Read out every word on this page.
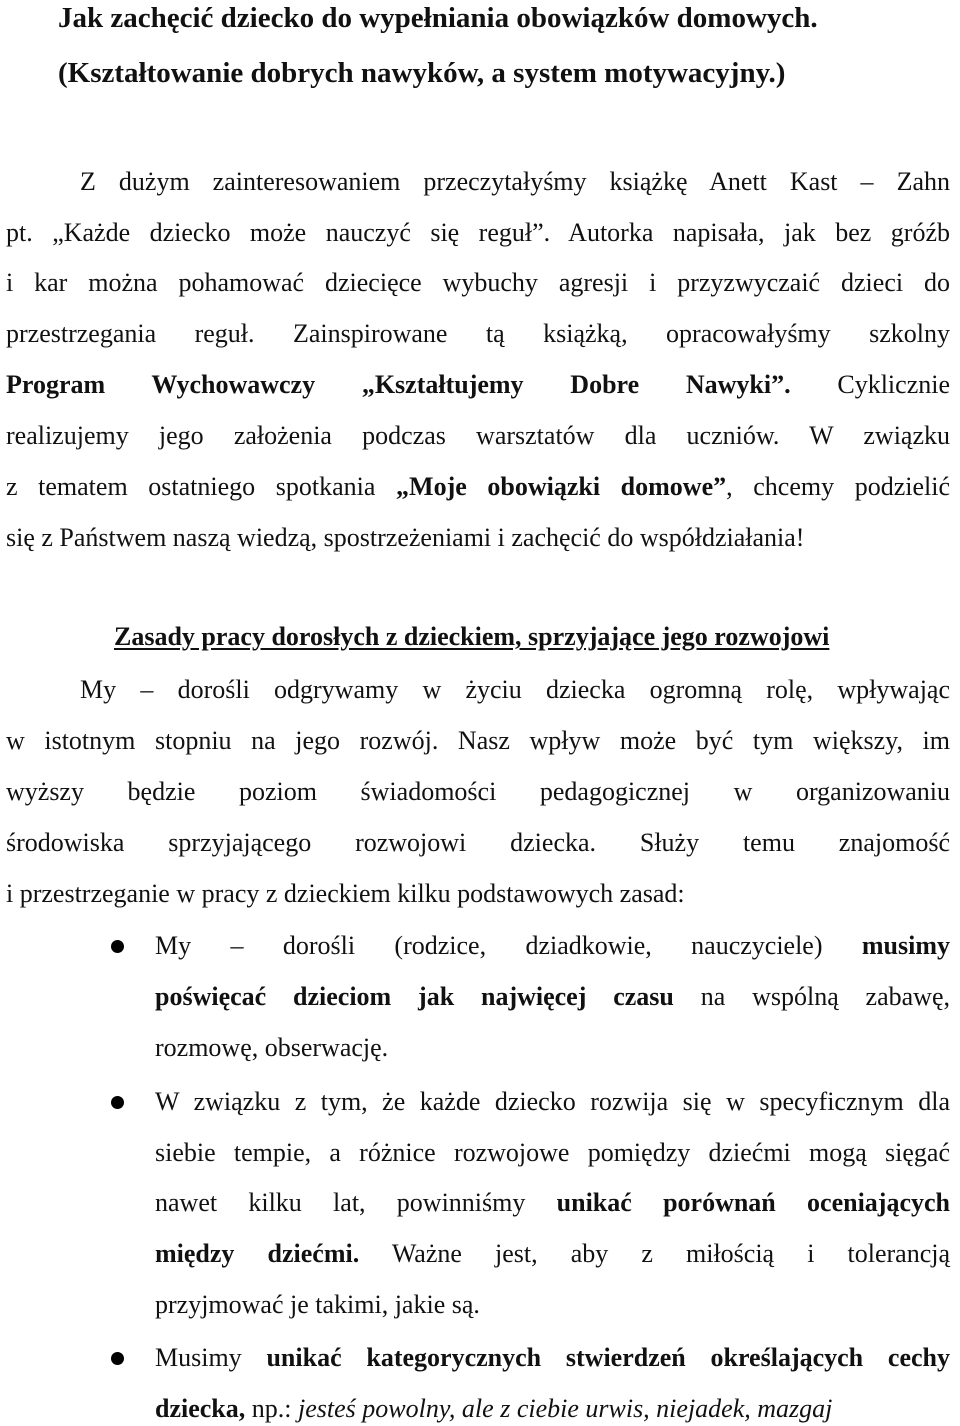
Jak zachęcić dziecko do wypełniania obowiązków domowych.
(Kształtowanie dobrych nawyków, a system motywacyjny.)
Z dużym zainteresowaniem przeczytałyśmy książkę Anett Kast – Zahn
pt. „Każde dziecko może nauczyć się reguł”. Autorka napisała, jak bez gróźb
i kar można pohamować dziecięce wybuchy agresji i przyzwyczaić dzieci do
przestrzegania reguł. Zainspirowane tą książką, opracowałyśmy szkolny
Program Wychowawczy „Kształtujemy Dobre Nawyki”. Cyklicznie
realizujemy jego założenia podczas warsztatów dla uczniów. W związku
z tematem ostatniego spotkania „Moje obowiązki domowe”, chcemy podzielić
się z Państwem naszą wiedzą, spostrzeżeniami i zachęcić do współdziałania!
Zasady pracy dorosłych z dzieckiem, sprzyjające jego rozwojowi
My – dorośli odgrywamy w życiu dziecka ogromną rolę, wpływając
w istotnym stopniu na jego rozwój. Nasz wpływ może być tym większy, im
wyższy będzie poziom świadomości pedagogicznej w organizowaniu
środowiska sprzyjającego rozwojowi dziecka. Służy temu znajomość
i przestrzeganie w pracy z dzieckiem kilku podstawowych zasad:
My – dorośli (rodzice, dziadkowie, nauczyciele) musimy
poświęcać dzieciom jak najwięcej czasu na wspólną zabawę,
rozmowę, obserwację.
W związku z tym, że każde dziecko rozwija się w specyficznym dla
siebie tempie, a różnice rozwojowe pomiędzy dziećmi mogą sięgać
nawet kilku lat, powinniśmy unikać porównań oceniających
między dziećmi. Ważne jest, aby z miłością i tolerancją
przyjmować je takimi, jakie są.
Musimy unikać kategorycznych stwierdzeń określających cechy
dziecka, np.: jesteś powolny, ale z ciebie urwis, niejadek, mazgaj
